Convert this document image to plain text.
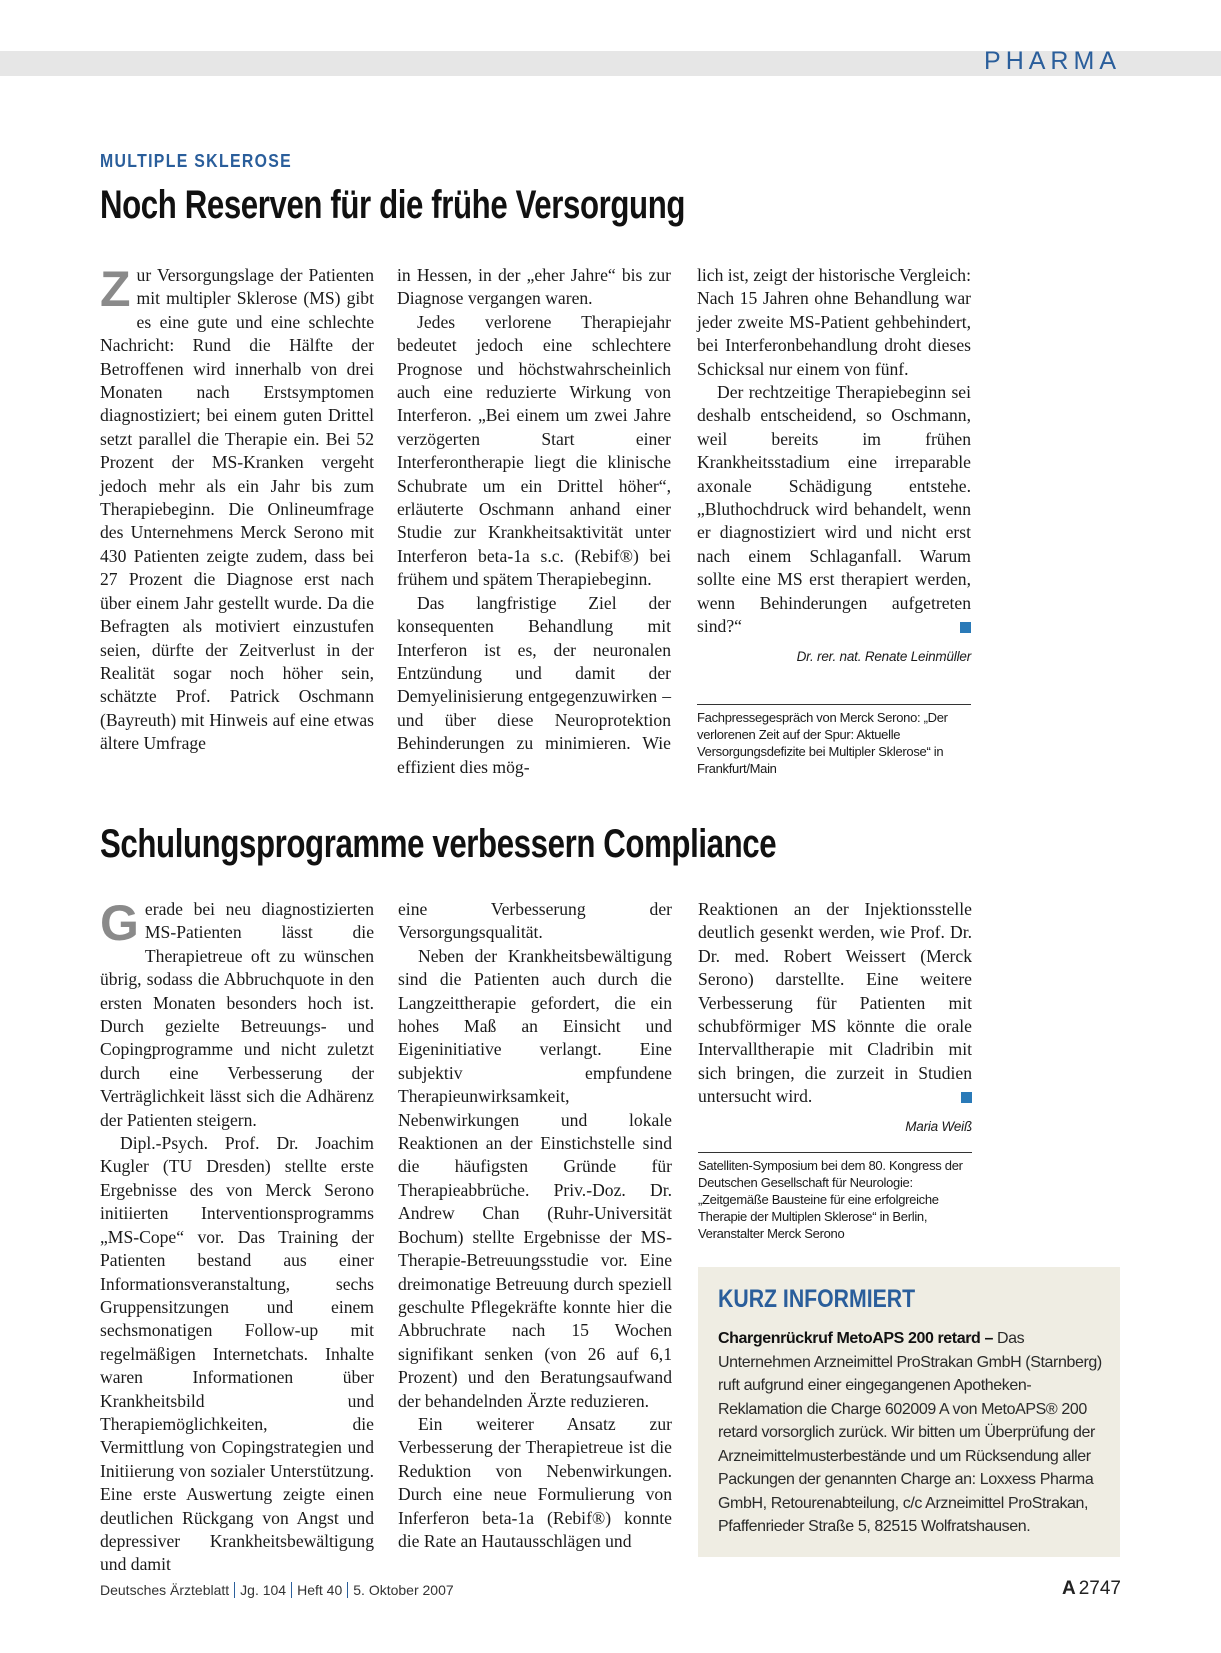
PHARMA
MULTIPLE SKLEROSE
Noch Reserven für die frühe Versorgung

Zur Versorgungslage der Patienten mit multipler Sklerose (MS) gibt es eine gute und eine schlechte Nachricht: Rund die Hälfte der Betroffenen wird innerhalb von drei Monaten nach Erstsymptomen diagnostiziert; bei einem guten Drittel setzt parallel die Therapie ein. Bei 52 Prozent der MS-Kranken vergeht jedoch mehr als ein Jahr bis zum Therapiebeginn. Die Onlineumfrage des Unternehmens Merck Serono mit 430 Patienten zeigte zudem, dass bei 27 Prozent die Diagnose erst nach über einem Jahr gestellt wurde. Da die Befragten als motiviert einzustufen seien, dürfte der Zeitverlust in der Realität sogar noch höher sein, schätzte Prof. Patrick Oschmann (Bayreuth) mit Hinweis auf eine etwas ältere Umfrage

in Hessen, in der „eher Jahre“ bis zur Diagnose vergangen waren.

Jedes verlorene Therapiejahr bedeutet jedoch eine schlechtere Prognose und höchstwahrscheinlich auch eine reduzierte Wirkung von Interferon. „Bei einem um zwei Jahre verzögerten Start einer Interferontherapie liegt die klinische Schubrate um ein Drittel höher“, erläuterte Oschmann anhand einer Studie zur Krankheitsaktivität unter Interferon beta-1a s.c. (Rebif®) bei frühem und spätem Therapiebeginn.

Das langfristige Ziel der konsequenten Behandlung mit Interferon ist es, der neuronalen Entzündung und damit der Demyelinisierung entgegenzuwirken – und über diese Neuroprotektion Behinderungen zu minimieren. Wie effizient dies mög-

lich ist, zeigt der historische Vergleich: Nach 15 Jahren ohne Behandlung war jeder zweite MS-Patient gehbehindert, bei Interferonbehandlung droht dieses Schicksal nur einem von fünf.

Der rechtzeitige Therapiebeginn sei deshalb entscheidend, so Oschmann, weil bereits im frühen Krankheitsstadium eine irreparable axonale Schädigung entstehe. „Bluthochdruck wird behandelt, wenn er diagnostiziert wird und nicht erst nach einem Schlaganfall. Warum sollte eine MS erst therapiert werden, wenn Behinderungen aufgetreten sind?“

Dr. rer. nat. Renate Leinmüller
Fachpressegespräch von Merck Serono: „Der verlorenen Zeit auf der Spur: Aktuelle Versorgungsdefizite bei Multipler Sklerose“ in Frankfurt/Main
Schulungsprogramme verbessern Compliance

Gerade bei neu diagnostizierten MS-Patienten lässt die Therapietreue oft zu wünschen übrig, sodass die Abbruchquote in den ersten Monaten besonders hoch ist. Durch gezielte Betreuungs- und Copingprogramme und nicht zuletzt durch eine Verbesserung der Verträglichkeit lässt sich die Adhärenz der Patienten steigern.

Dipl.-Psych. Prof. Dr. Joachim Kugler (TU Dresden) stellte erste Ergebnisse des von Merck Serono initiierten Interventionsprogramms „MS-Cope“ vor. Das Training der Patienten bestand aus einer Informationsveranstaltung, sechs Gruppensitzungen und einem sechsmonatigen Follow-up mit regelmäßigen Internetchats. Inhalte waren Informationen über Krankheitsbild und Therapiemöglichkeiten, die Vermittlung von Copingstrategien und Initiierung von sozialer Unterstützung. Eine erste Auswertung zeigte einen deutlichen Rückgang von Angst und depressiver Krankheitsbewältigung und damit

eine Verbesserung der Versorgungsqualität.

Neben der Krankheitsbewältigung sind die Patienten auch durch die Langzeittherapie gefordert, die ein hohes Maß an Einsicht und Eigeninitiative verlangt. Eine subjektiv empfundene Therapieunwirksamkeit, Nebenwirkungen und lokale Reaktionen an der Einstichstelle sind die häufigsten Gründe für Therapieabbrüche. Priv.-Doz. Dr. Andrew Chan (Ruhr-Universität Bochum) stellte Ergebnisse der MS-Therapie-Betreuungsstudie vor. Eine dreimonatige Betreuung durch speziell geschulte Pflegekräfte konnte hier die Abbruchrate nach 15 Wochen signifikant senken (von 26 auf 6,1 Prozent) und den Beratungsaufwand der behandelnden Ärzte reduzieren.

Ein weiterer Ansatz zur Verbesserung der Therapietreue ist die Reduktion von Nebenwirkungen. Durch eine neue Formulierung von Inferferon beta-1a (Rebif®) konnte die Rate an Hautausschlägen und

Reaktionen an der Injektionsstelle deutlich gesenkt werden, wie Prof. Dr. Dr. med. Robert Weissert (Merck Serono) darstellte. Eine weitere Verbesserung für Patienten mit schubförmiger MS könnte die orale Intervalltherapie mit Cladribin mit sich bringen, die zurzeit in Studien untersucht wird.

Maria Weiß
Satelliten-Symposium bei dem 80. Kongress der Deutschen Gesellschaft für Neurologie: „Zeitgemäße Bausteine für eine erfolgreiche Therapie der Multiplen Sklerose“ in Berlin, Veranstalter Merck Serono
KURZ INFORMIERT
Chargenrückruf MetoAPS 200 retard – Das Unternehmen Arzneimittel ProStrakan GmbH (Starnberg) ruft aufgrund einer eingegangenen Apotheken-Reklamation die Charge 602009 A von MetoAPS® 200 retard vorsorglich zurück. Wir bitten um Überprüfung der Arzneimittelmusterbestände und um Rücksendung aller Packungen der genannten Charge an: Loxxess Pharma GmbH, Retourenabteilung, c/c Arzneimittel ProStrakan, Pfaffenrieder Straße 5, 82515 Wolfratshausen.
Deutsches Ärzteblatt Jg. 104 Heft 40 5. Oktober 2007	A 2747
